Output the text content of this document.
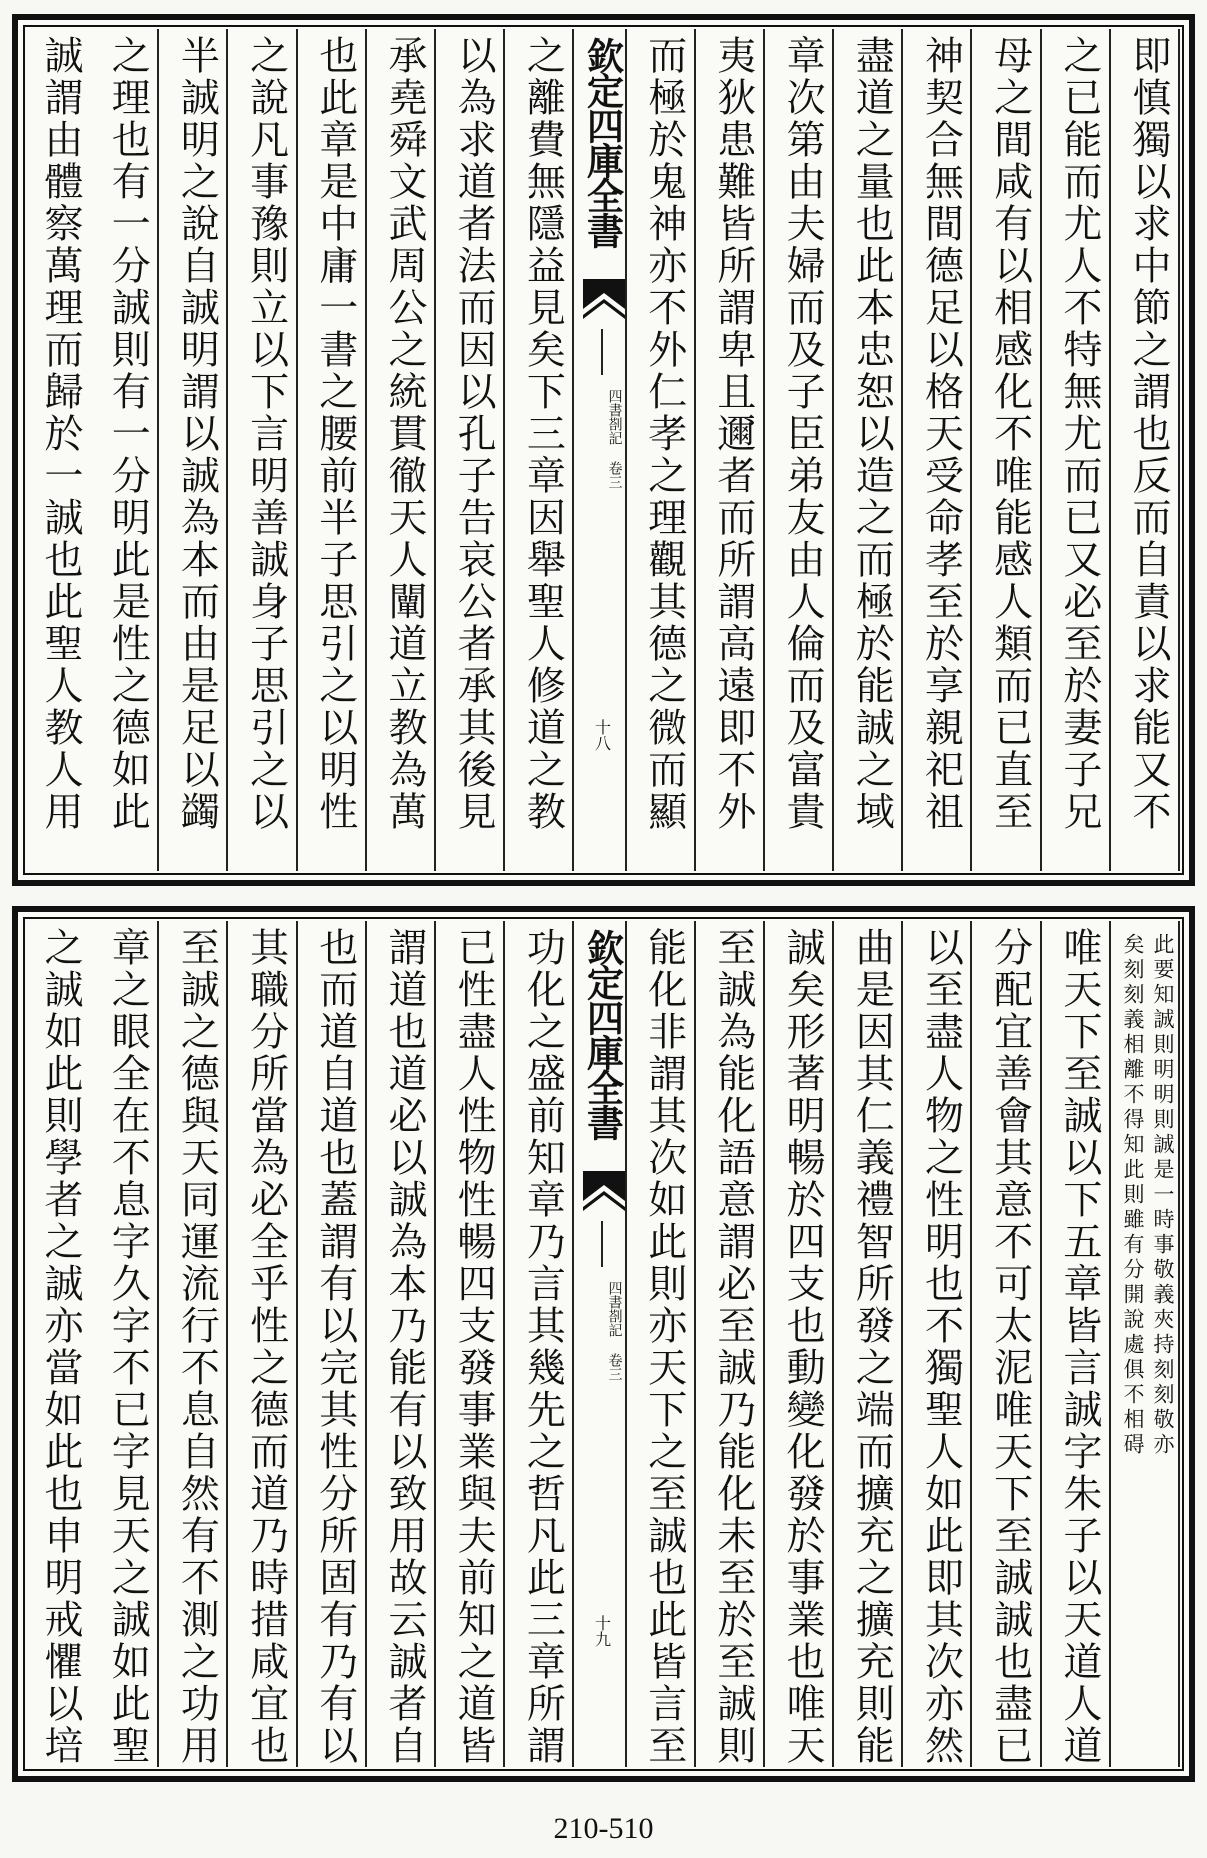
即慎獨以求中節之謂也反而自責以求能又不
之已能而尤人不特無尤而已又必至於妻子兄
母之間咸有以相感化不唯能感人類而已直至
神契合無間德足以格天受命孝至於享親祀祖
盡道之量也此本忠恕以造之而極於能誠之域
章次第由夫婦而及子臣弟友由人倫而及富貴
夷狄患難皆所謂卑且邇者而所謂高遠即不外
而極於鬼神亦不外仁孝之理觀其德之微而顯
欽定四庫全書
四書剳記 卷三
十八
之離費無隱益見矣下三章因舉聖人修道之教
以為求道者法而因以孔子告哀公者承其後見
承堯舜文武周公之統貫徹天人闡道立教為萬
也此章是中庸一書之腰前半子思引之以明性
之說凡事豫則立以下言明善誠身子思引之以
半誠明之說自誠明謂以誠為本而由是足以蠲
之理也有一分誠則有一分明此是性之德如此
誠謂由體察萬理而歸於一誠也此聖人教人用
此要知誠則明明則誠是一時事敬義夾持刻刻敬亦
矣刻刻義相離不得知此則雖有分開說處俱不相碍
唯天下至誠以下五章皆言誠字朱子以天道人道
分配宜善會其意不可太泥唯天下至誠誠也盡已
以至盡人物之性明也不獨聖人如此即其次亦然
曲是因其仁義禮智所發之端而擴充之擴充則能
誠矣形著明暢於四支也動變化發於事業也唯天
至誠為能化語意謂必至誠乃能化未至於至誠則
能化非謂其次如此則亦天下之至誠也此皆言至
欽定四庫全書
四書剳記 卷三
十九
功化之盛前知章乃言其幾先之哲凡此三章所謂
已性盡人性物性暢四支發事業與夫前知之道皆
謂道也道必以誠為本乃能有以致用故云誠者自
也而道自道也蓋謂有以完其性分所固有乃有以
其職分所當為必全乎性之德而道乃時措咸宜也
至誠之德與天同運流行不息自然有不測之功用
章之眼全在不息字久字不已字見天之誠如此聖
之誠如此則學者之誠亦當如此也申明戒懼以培
210-510
